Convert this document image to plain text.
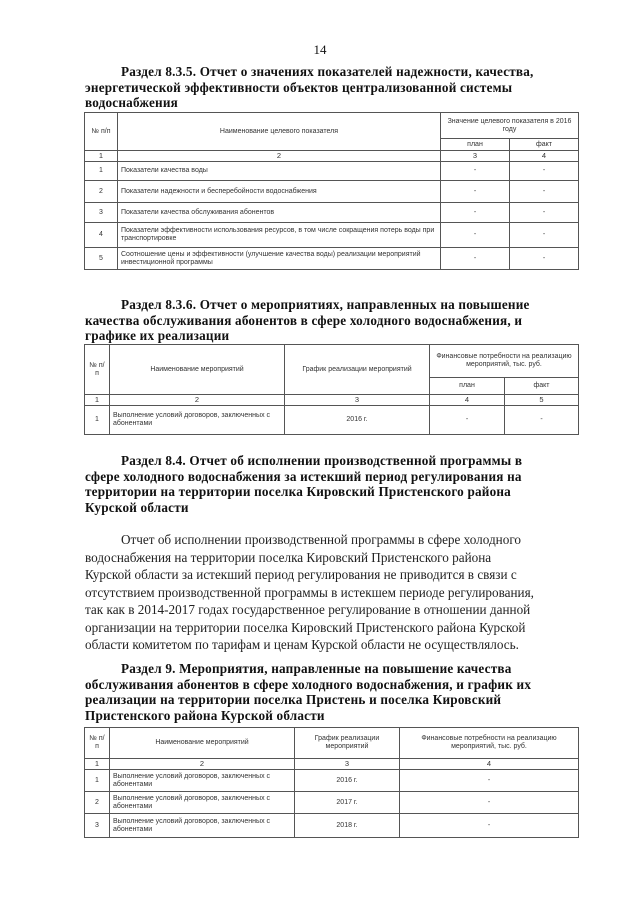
14
Раздел 8.3.5. Отчет о значениях показателей надежности, качества,
энергетической эффективности объектов централизованной системы
водоснабжения
№ п/п	Наименование целевого показателя	Значение целевого показателя в 2016 году	
		план	факт
1	2	3	4
1	Показатели качества воды	-	-
2	Показатели надежности и бесперебойности водоснабжения	-	-
3	Показатели качества обслуживания абонентов	-	-
4	Показатели эффективности использования ресурсов, в том числе сокращения потерь воды при транспортировке	-	-
5	Соотношение цены и эффективности (улучшение качества воды) реализации мероприятий инвестиционной программы	-	-
Раздел 8.3.6. Отчет о мероприятиях, направленных на повышение
качества обслуживания абонентов в сфере холодного водоснабжения, и
графике их реализации
№ п/п	Наименование мероприятий	График реализации мероприятий	Финансовые потребности на реализацию мероприятий, тыс. руб.	
			план	факт
1	2	3	4	5
1	Выполнение условий договоров, заключенных с абонентами	2016 г.	-	-
Раздел 8.4. Отчет об исполнении производственной программы в
сфере холодного водоснабжения за истекший период регулирования на
территории на территории поселка Кировский Пристенского района
Курской области
Отчет об исполнении производственной программы в сфере холодного
водоснабжения на территории поселка Кировский Пристенского района
Курской области за истекший период регулирования не приводится в связи с
отсутствием производственной программы в истекшем периоде регулирования,
так как в 2014-2017 годах государственное регулирование в отношении данной
организации на территории поселка Кировский Пристенского района Курской
области комитетом по тарифам и ценам Курской области не осуществлялось.
Раздел 9. Мероприятия, направленные на повышение качества
обслуживания абонентов в сфере холодного водоснабжения, и график их
реализации на территории поселка Пристень и поселка Кировский
Пристенского района Курской области
№ п/п	Наименование мероприятий	График реализации мероприятий	Финансовые потребности на реализацию мероприятий, тыс. руб.
1	2	3	4
1	Выполнение условий договоров, заключенных с абонентами	2016 г.	-
2	Выполнение условий договоров, заключенных с абонентами	2017 г.	-
3	Выполнение условий договоров, заключенных с абонентами	2018 г.	-
